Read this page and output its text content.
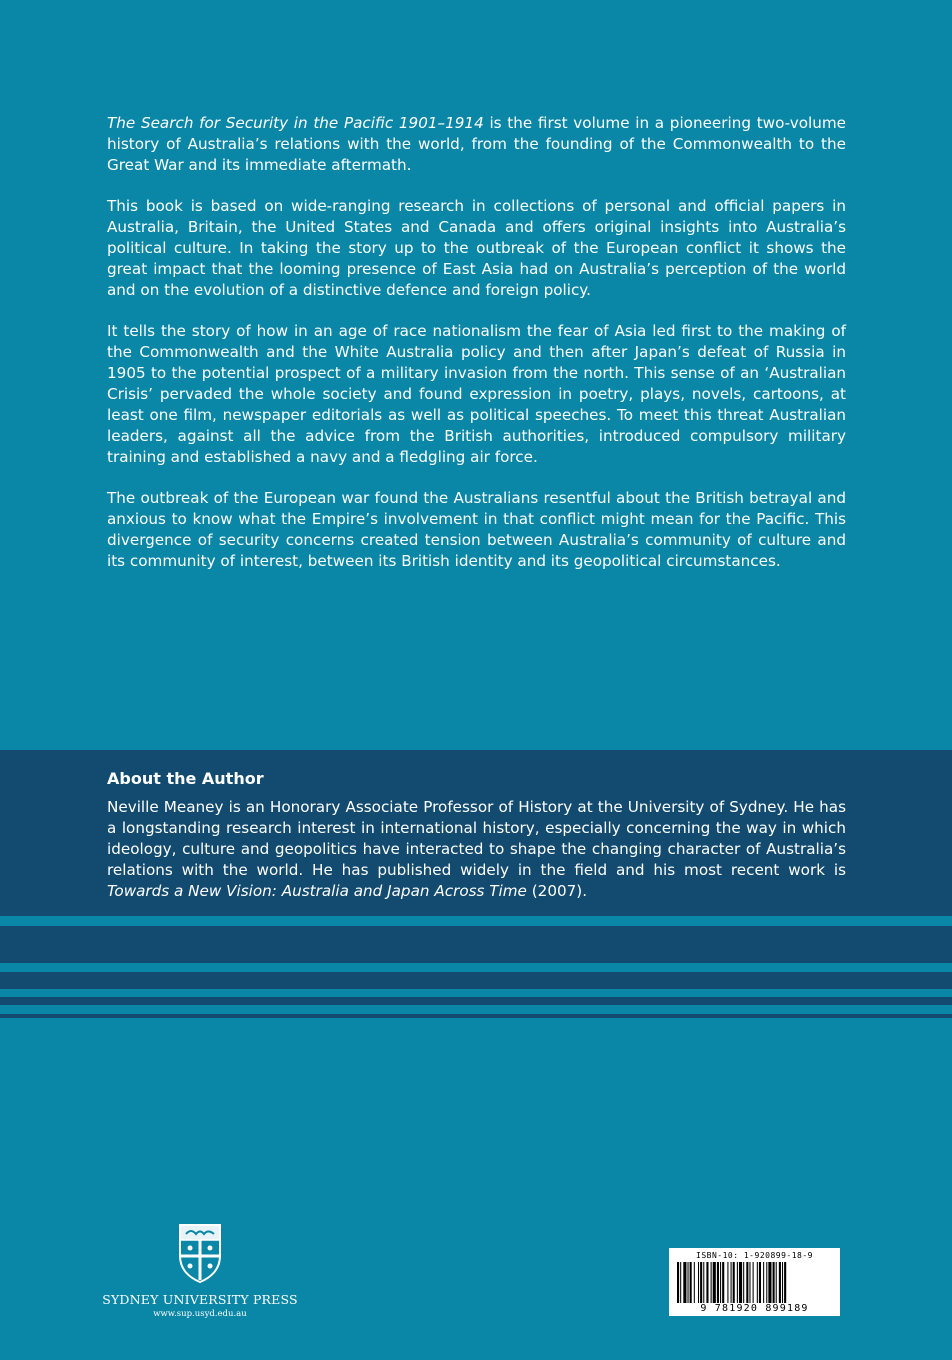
The Search for Security in the Pacific 1901–1914 is the first volume in a pioneering two-volume history of Australia’s relations with the world, from the founding of the Commonwealth to the Great War and its immediate aftermath.

This book is based on wide-ranging research in collections of personal and official papers in Australia, Britain, the United States and Canada and offers original insights into Australia’s political culture. In taking the story up to the outbreak of the European conflict it shows the great impact that the looming presence of East Asia had on Australia’s perception of the world and on the evolution of a distinctive defence and foreign policy.

It tells the story of how in an age of race nationalism the fear of Asia led first to the making of the Commonwealth and the White Australia policy and then after Japan’s defeat of Russia in 1905 to the potential prospect of a military invasion from the north. This sense of an ‘Australian Crisis’ pervaded the whole society and found expression in poetry, plays, novels, cartoons, at least one film, newspaper editorials as well as political speeches. To meet this threat Australian leaders, against all the advice from the British authorities, introduced compulsory military training and established a navy and a fledgling air force.

The outbreak of the European war found the Australians resentful about the British betrayal and anxious to know what the Empire’s involvement in that conflict might mean for the Pacific. This divergence of security concerns created tension between Australia’s community of culture and its community of interest, between its British identity and its geopolitical circumstances.

About the Author

Neville Meaney is an Honorary Associate Professor of History at the University of Sydney. He has a longstanding research interest in international history, especially concerning the way in which ideology, culture and geopolitics have interacted to shape the changing character of Australia’s relations with the world. He has published widely in the field and his most recent work is Towards a New Vision: Australia and Japan Across Time (2007).

SYDNEY UNIVERSITY PRESS
www.sup.usyd.edu.au
ISBN-10: 1-920899-18-9
9 781920 899189
